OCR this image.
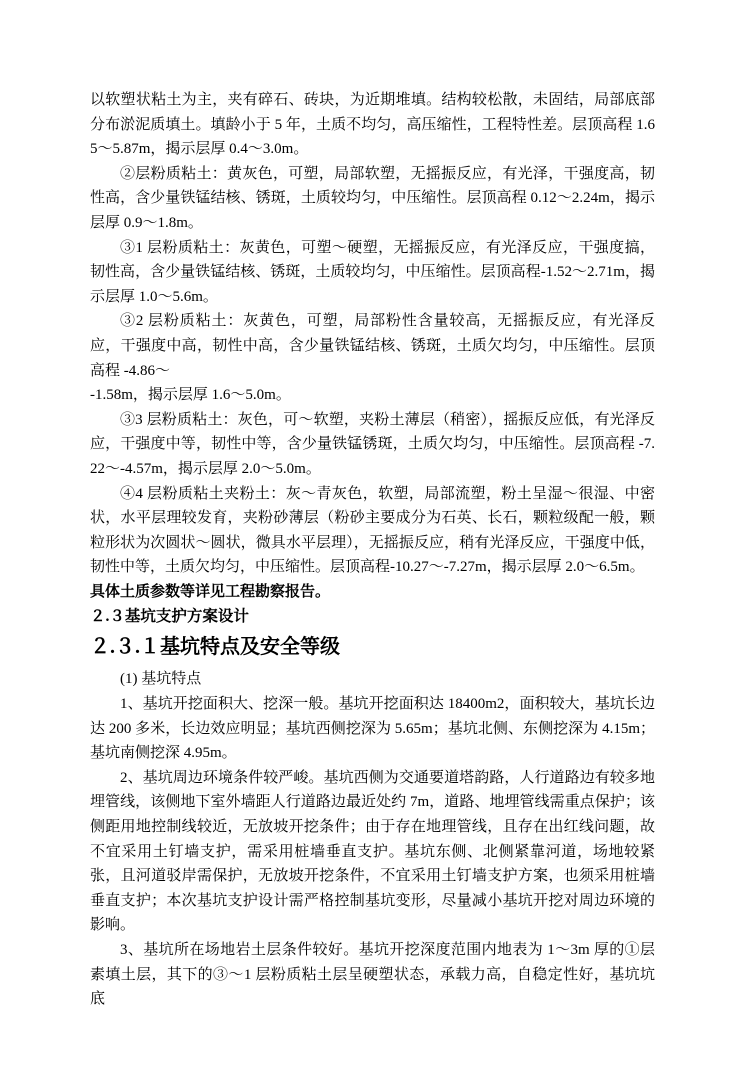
以软塑状粘土为主，夹有碎石、砖块，为近期堆填。结构较松散，未固结，局部底部分布淤泥质填土。填龄小于 5 年，土质不均匀，高压缩性，工程特性差。层顶高程 1.65～5.87m，揭示层厚 0.4～3.0m。

②层粉质粘土：黄灰色，可塑，局部软塑，无摇振反应，有光泽，干强度高，韧性高，含少量铁锰结核、锈斑，土质较均匀，中压缩性。层顶高程 0.12～2.24m，揭示层厚 0.9～1.8m。

③1 层粉质粘土：灰黄色，可塑～硬塑，无摇振反应，有光泽反应，干强度搞，韧性高，含少量铁锰结核、锈斑，土质较均匀，中压缩性。层顶高程-1.52～2.71m，揭示层厚 1.0～5.6m。

③2 层粉质粘土：灰黄色，可塑，局部粉性含量较高，无摇振反应，有光泽反应，干强度中高，韧性中高，含少量铁锰结核、锈斑，土质欠均匀，中压缩性。层顶高程 -4.86～

-1.58m，揭示层厚 1.6～5.0m。

③3 层粉质粘土：灰色，可～软塑，夹粉土薄层（稍密），摇振反应低，有光泽反应，干强度中等，韧性中等，含少量铁锰锈斑，土质欠均匀，中压缩性。层顶高程 -7.22～-4.57m，揭示层厚 2.0～5.0m。

④4 层粉质粘土夹粉土：灰～青灰色，软塑，局部流塑，粉土呈湿～很湿、中密状，水平层理较发育，夹粉砂薄层（粉砂主要成分为石英、长石，颗粒级配一般，颗粒形状为次圆状～圆状，微具水平层理），无摇振反应，稍有光泽反应，干强度中低，韧性中等，土质欠均匀，中压缩性。层顶高程-10.27～-7.27m，揭示层厚 2.0～6.5m。

具体土质参数等详见工程勘察报告。

２.３基坑支护方案设计

２.３.１基坑特点及安全等级

(1) 基坑特点

1、基坑开挖面积大、挖深一般。基坑开挖面积达 18400m2，面积较大，基坑长边达 200 多米，长边效应明显；基坑西侧挖深为 5.65m；基坑北侧、东侧挖深为 4.15m；基坑南侧挖深 4.95m。

2、基坑周边环境条件较严峻。基坑西侧为交通要道塔韵路，人行道路边有较多地埋管线，该侧地下室外墙距人行道路边最近处约 7m，道路、地埋管线需重点保护；该侧距用地控制线较近，无放坡开挖条件；由于存在地理管线，且存在出红线问题，故不宜采用土钉墙支护，需采用桩墙垂直支护。基坑东侧、北侧紧靠河道，场地较紧张，且河道驳岸需保护，无放坡开挖条件，不宜采用土钉墙支护方案，也须采用桩墙垂直支护；本次基坑支护设计需严格控制基坑变形，尽量减小基坑开挖对周边环境的影响。

3、基坑所在场地岩土层条件较好。基坑开挖深度范围内地表为 1～3m 厚的①层素填土层，其下的③～1 层粉质粘土层呈硬塑状态，承载力高，自稳定性好，基坑坑底
